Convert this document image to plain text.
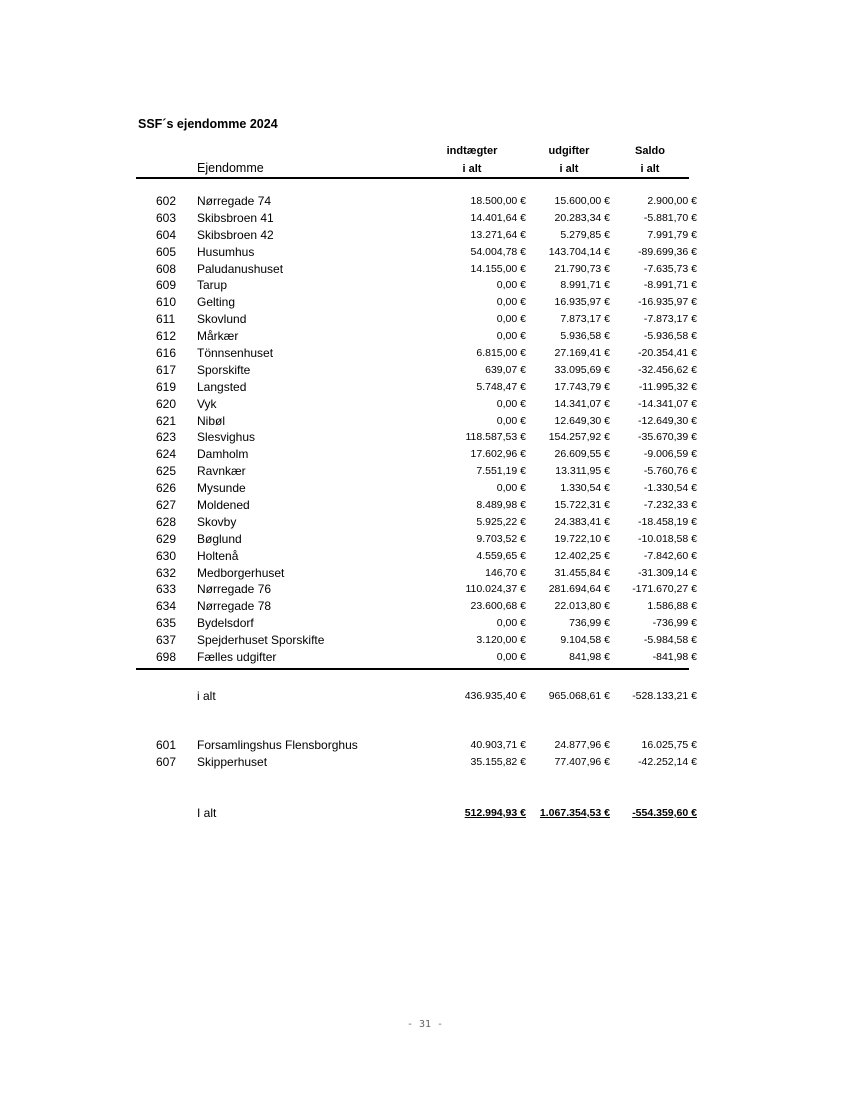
SSF´s ejendomme 2024
indtægter	udgifter	Saldo
Ejendomme	i alt	i alt	i alt
602 Nørregade 74	18.500,00 €	15.600,00 €	2.900,00 €
603 Skibsbroen 41	14.401,64 €	20.283,34 €	-5.881,70 €
604 Skibsbroen 42	13.271,64 €	5.279,85 €	7.991,79 €
605 Husumhus	54.004,78 €	143.704,14 €	-89.699,36 €
608 Paludanushuset	14.155,00 €	21.790,73 €	-7.635,73 €
609 Tarup	0,00 €	8.991,71 €	-8.991,71 €
610 Gelting	0,00 €	16.935,97 €	-16.935,97 €
611 Skovlund	0,00 €	7.873,17 €	-7.873,17 €
612 Mårkær	0,00 €	5.936,58 €	-5.936,58 €
616 Tönnsenhuset	6.815,00 €	27.169,41 €	-20.354,41 €
617 Sporskifte	639,07 €	33.095,69 €	-32.456,62 €
619 Langsted	5.748,47 €	17.743,79 €	-11.995,32 €
620 Vyk	0,00 €	14.341,07 €	-14.341,07 €
621 Nibøl	0,00 €	12.649,30 €	-12.649,30 €
623 Slesvighus	118.587,53 €	154.257,92 €	-35.670,39 €
624 Damholm	17.602,96 €	26.609,55 €	-9.006,59 €
625 Ravnkær	7.551,19 €	13.311,95 €	-5.760,76 €
626 Mysunde	0,00 €	1.330,54 €	-1.330,54 €
627 Moldened	8.489,98 €	15.722,31 €	-7.232,33 €
628 Skovby	5.925,22 €	24.383,41 €	-18.458,19 €
629 Bøglund	9.703,52 €	19.722,10 €	-10.018,58 €
630 Holtenå	4.559,65 €	12.402,25 €	-7.842,60 €
632 Medborgerhuset	146,70 €	31.455,84 €	-31.309,14 €
633 Nørregade 76	110.024,37 €	281.694,64 €	-171.670,27 €
634 Nørregade 78	23.600,68 €	22.013,80 €	1.586,88 €
635 Bydelsdorf	0,00 €	736,99 €	-736,99 €
637 Spejderhuset Sporskifte	3.120,00 €	9.104,58 €	-5.984,58 €
698 Fælles udgifter	0,00 €	841,98 €	-841,98 €
i alt	436.935,40 €	965.068,61 €	-528.133,21 €
601 Forsamlingshus Flensborghus	40.903,71 €	24.877,96 €	16.025,75 €
607 Skipperhuset	35.155,82 €	77.407,96 €	-42.252,14 €
I alt	512.994,93 €	1.067.354,53 €	-554.359,60 €
- 31 -
